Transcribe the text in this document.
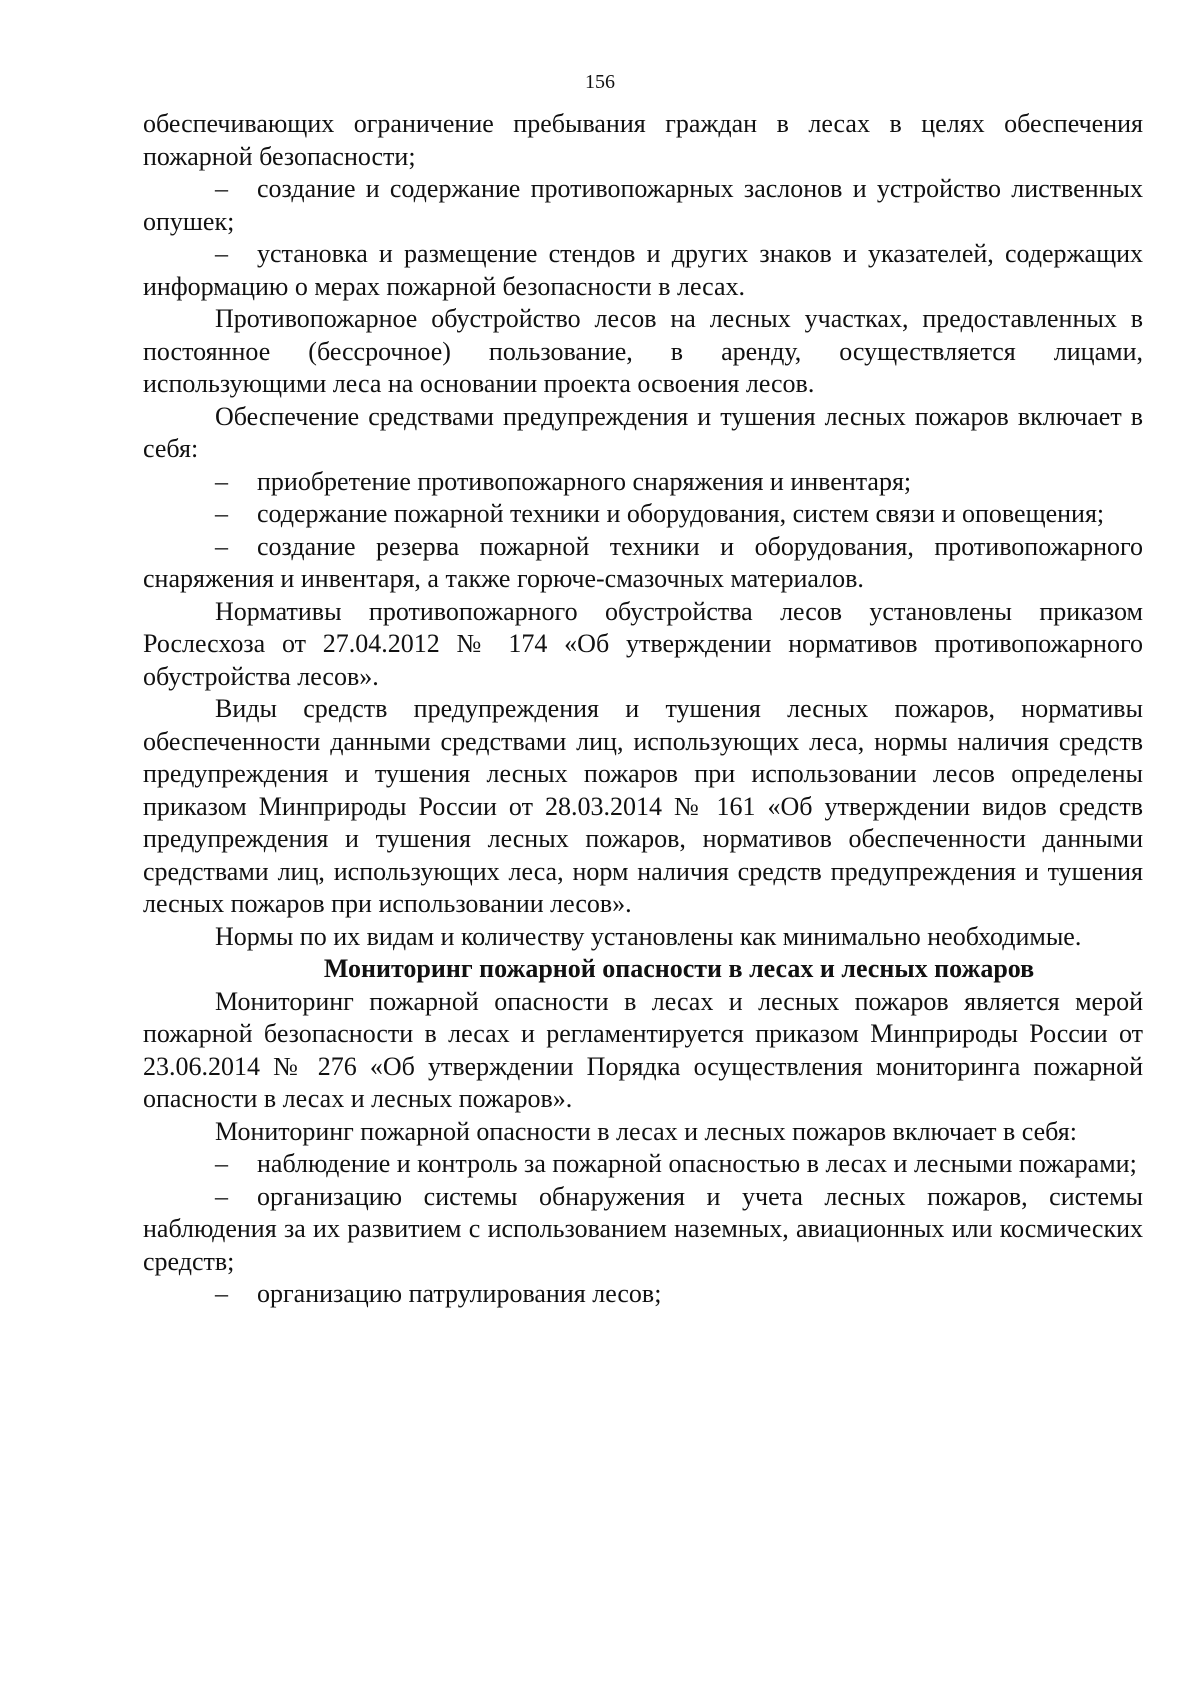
156

обеспечивающих ограничение пребывания граждан в лесах в целях обеспечения пожарной безопасности;

– создание и содержание противопожарных заслонов и устройство лиственных опушек;

– установка и размещение стендов и других знаков и указателей, содержащих информацию о мерах пожарной безопасности в лесах.

Противопожарное обустройство лесов на лесных участках, предоставленных в постоянное (бессрочное) пользование, в аренду, осуществляется лицами, использующими леса на основании проекта освоения лесов.

Обеспечение средствами предупреждения и тушения лесных пожаров включает в себя:

– приобретение противопожарного снаряжения и инвентаря;

– содержание пожарной техники и оборудования, систем связи и оповещения;

– создание резерва пожарной техники и оборудования, противопожарного снаряжения и инвентаря, а также горюче-смазочных материалов.

Нормативы противопожарного обустройства лесов установлены приказом Рослесхоза от 27.04.2012 № 174 «Об утверждении нормативов противопожарного обустройства лесов».

Виды средств предупреждения и тушения лесных пожаров, нормативы обеспеченности данными средствами лиц, использующих леса, нормы наличия средств предупреждения и тушения лесных пожаров при использовании лесов определены приказом Минприроды России от 28.03.2014 № 161 «Об утверждении видов средств предупреждения и тушения лесных пожаров, нормативов обеспеченности данными средствами лиц, использующих леса, норм наличия средств предупреждения и тушения лесных пожаров при использовании лесов».

Нормы по их видам и количеству установлены как минимально необходимые.

Мониторинг пожарной опасности в лесах и лесных пожаров

Мониторинг пожарной опасности в лесах и лесных пожаров является мерой пожарной безопасности в лесах и регламентируется приказом Минприроды России от 23.06.2014 № 276 «Об утверждении Порядка осуществления мониторинга пожарной опасности в лесах и лесных пожаров».

Мониторинг пожарной опасности в лесах и лесных пожаров включает в себя:

– наблюдение и контроль за пожарной опасностью в лесах и лесными пожарами;

– организацию системы обнаружения и учета лесных пожаров, системы наблюдения за их развитием с использованием наземных, авиационных или космических средств;

– организацию патрулирования лесов;
